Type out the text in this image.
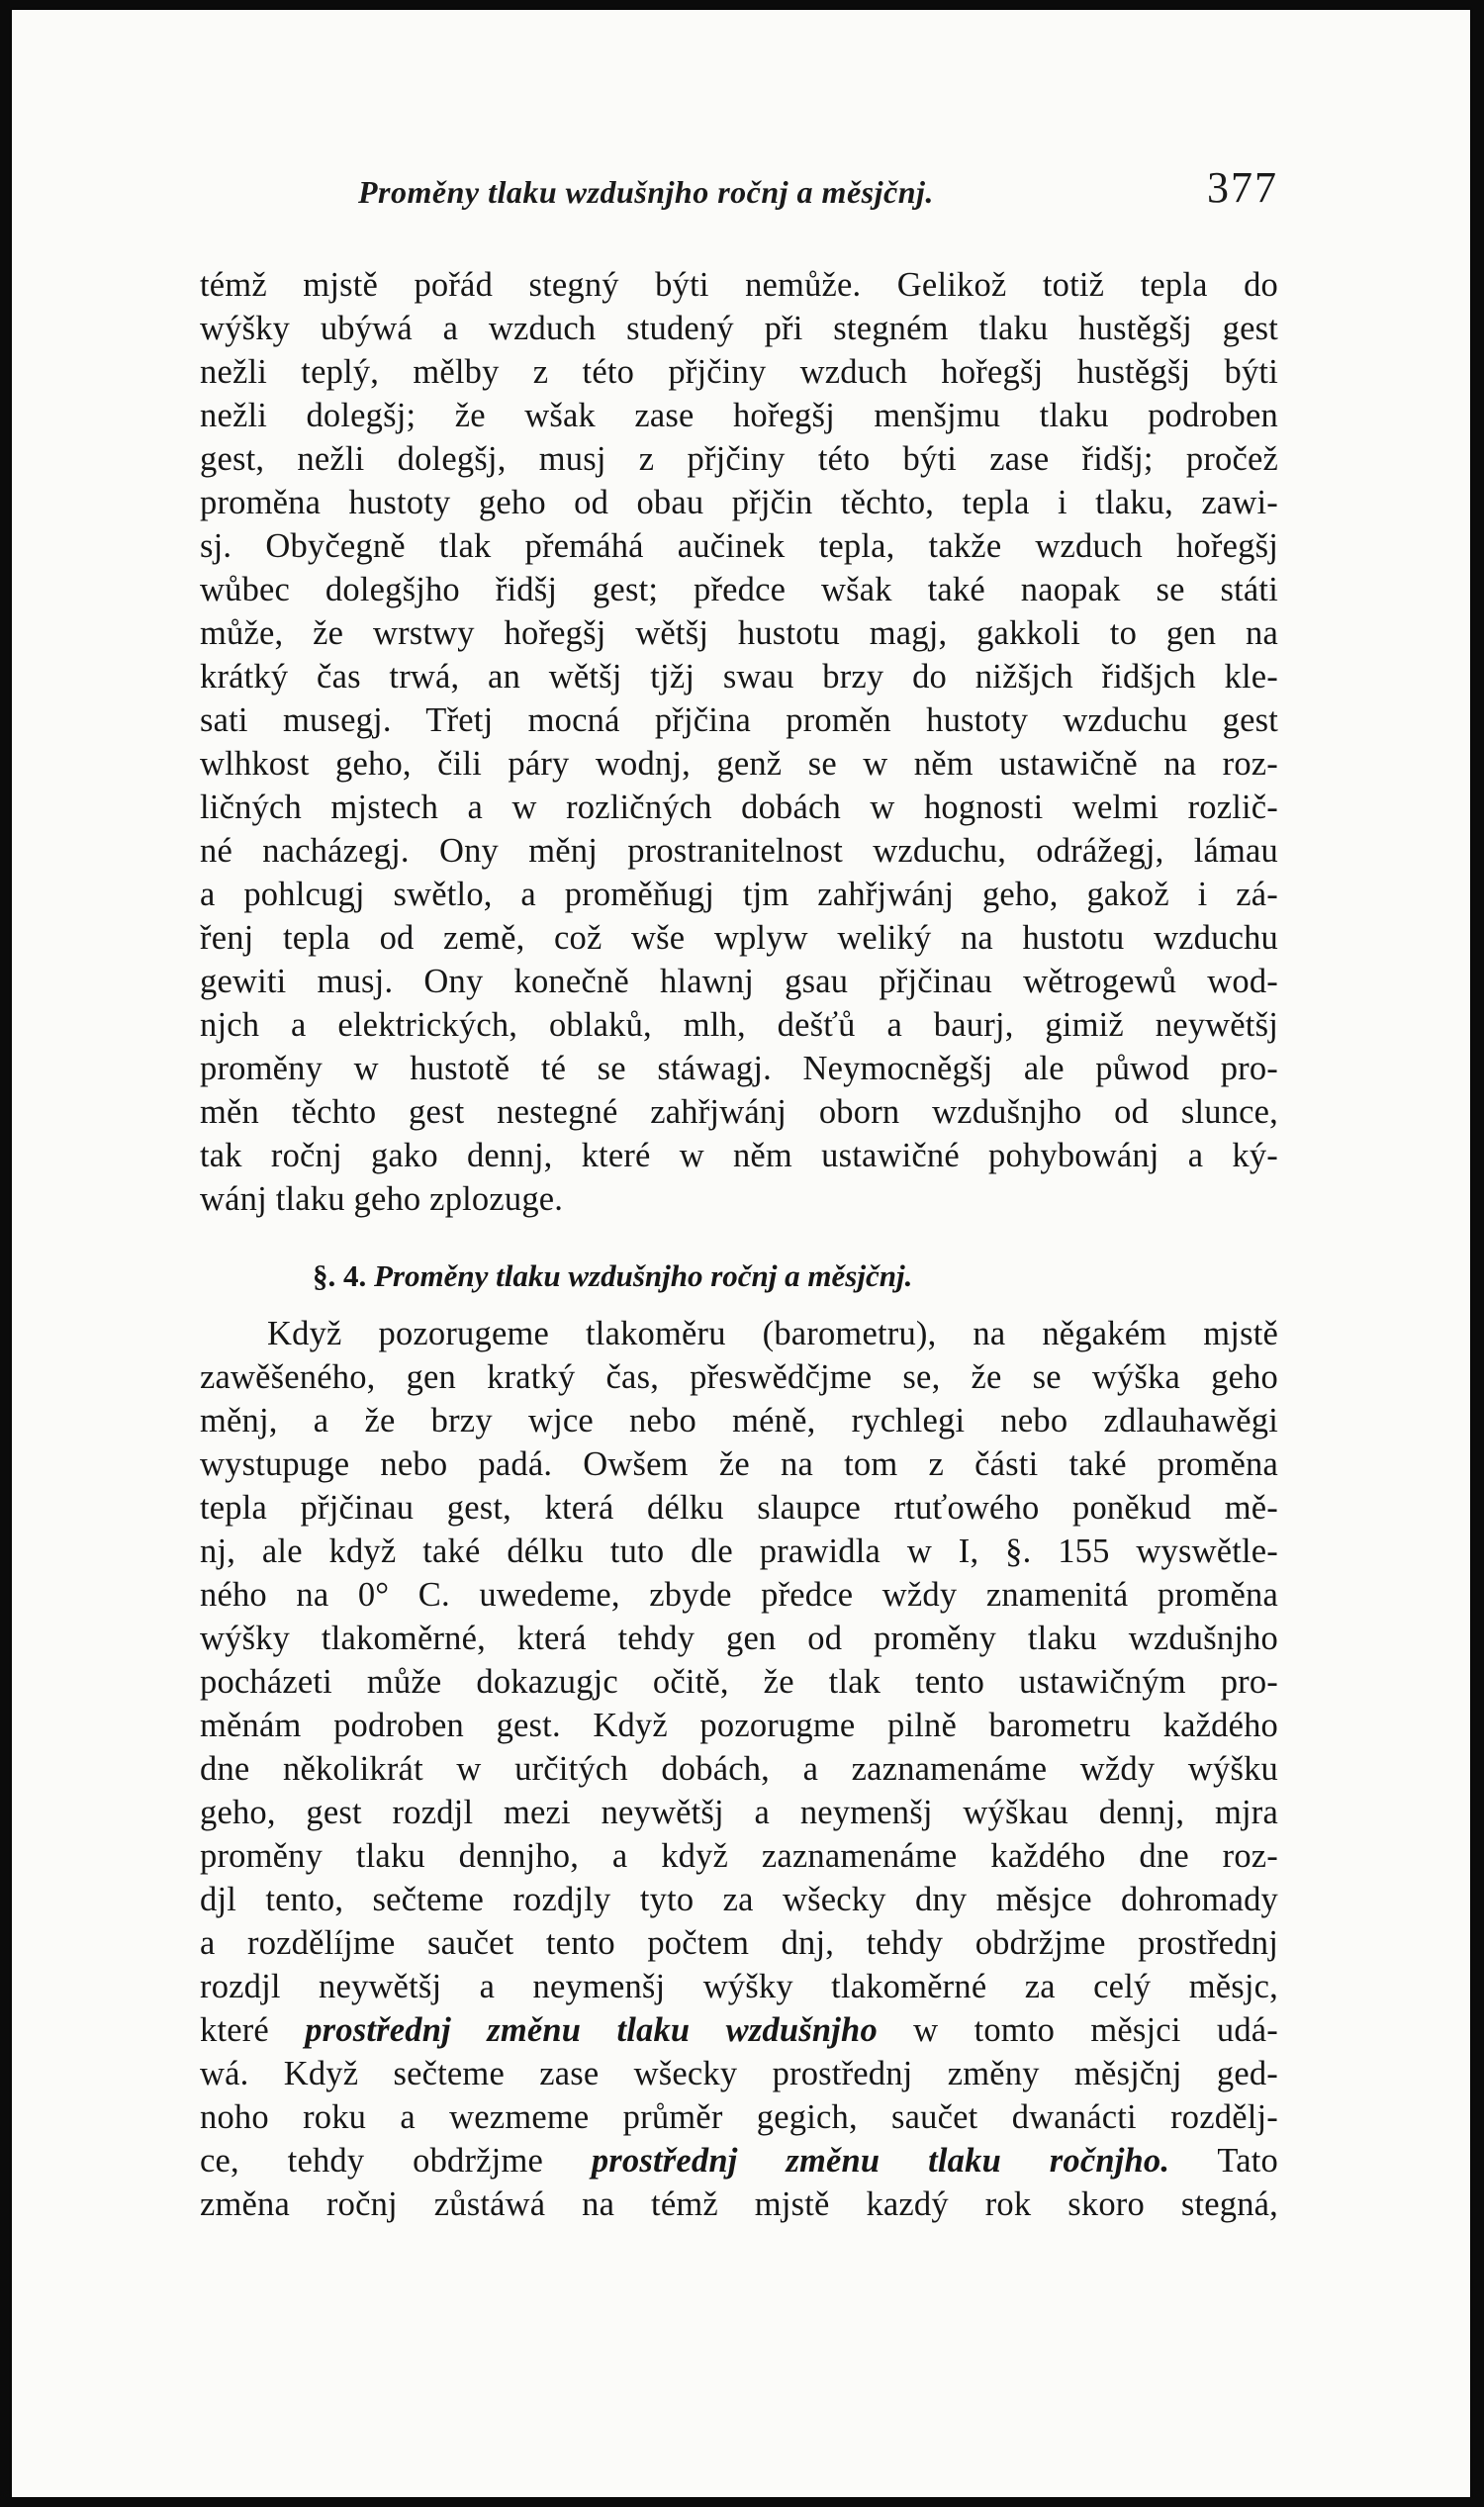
Proměny tlaku wzdušnjho ročnj a měsjčnj.	377
témž mjstě pořád stegný býti nemůže. Gelikož totiž tepla do
wýšky ubýwá a wzduch studený při stegném tlaku hustěgšj gest
nežli teplý, mělby z této přjčiny wzduch hořegšj hustěgšj býti
nežli dolegšj; že wšak zase hořegšj menšjmu tlaku podroben
gest, nežli dolegšj, musj z přjčiny této býti zase řidšj; pročež
proměna hustoty geho od obau přjčin těchto, tepla i tlaku, zawi-
sj. Obyčegně tlak přemáhá aučinek tepla, takže wzduch hořegšj
wůbec dolegšjho řidšj gest; předce wšak také naopak se státi
může, že wrstwy hořegšj wětšj hustotu magj, gakkoli to gen na
krátký čas trwá, an wětšj tjžj swau brzy do nižšjch řidšjch kle-
sati musegj. Třetj mocná přjčina proměn hustoty wzduchu gest
wlhkost geho, čili páry wodnj, genž se w něm ustawičně na roz-
ličných mjstech a w rozličných dobách w hognosti welmi rozlič-
né nacházegj. Ony měnj prostranitelnost wzduchu, odrážegj, lámau
a pohlcugj swětlo, a proměňugj tjm zahřjwánj geho, gakož i zá-
řenj tepla od země, což wše wplyw weliký na hustotu wzduchu
gewiti musj. Ony konečně hlawnj gsau přjčinau wětrogewů wod-
njch a elektrických, oblaků, mlh, dešťů a baurj, gimiž neywětšj
proměny w hustotě té se stáwagj. Neymocněgšj ale půwod pro-
měn těchto gest nestegné zahřjwánj oborn wzdušnjho od slunce,
tak ročnj gako dennj, které w něm ustawičné pohybowánj a ký-
wánj tlaku geho zplozuge.
§. 4. Proměny tlaku wzdušnjho ročnj a měsjčnj.
Když pozorugeme tlakoměru (barometru), na něgakém mjstě
zawěšeného, gen kratký čas, přeswědčjme se, že se wýška geho
měnj, a že brzy wjce nebo méně, rychlegi nebo zdlauhawěgi
wystupuge nebo padá. Owšem že na tom z části také proměna
tepla přjčinau gest, která délku slaupce rtuťowého poněkud mě-
nj, ale když také délku tuto dle prawidla w I, §. 155 wyswětle-
ného na 0° C. uwedeme, zbyde předce wždy znamenitá proměna
wýšky tlakoměrné, která tehdy gen od proměny tlaku wzdušnjho
pocházeti může dokazugjc očitě, že tlak tento ustawičným pro-
měnám podroben gest. Když pozorugme pilně barometru každého
dne několikrát w určitých dobách, a zaznamenáme wždy wýšku
geho, gest rozdjl mezi neywětšj a neymenšj wýškau dennj, mjra
proměny tlaku dennjho, a když zaznamenáme každého dne roz-
djl tento, sečteme rozdjly tyto za wšecky dny měsjce dohromady
a rozdělíjme saučet tento počtem dnj, tehdy obdržjme prostřednj
rozdjl neywětšj a neymenšj wýšky tlakoměrné za celý měsjc,
které prostřednj změnu tlaku wzdušnjho w tomto měsjci udá-
wá. Když sečteme zase wšecky prostřednj změny měsjčnj ged-
noho roku a wezmeme průměr gegich, saučet dwanácti rozdělj-
ce, tehdy obdržjme prostřednj změnu tlaku ročnjho. Tato
změna ročnj zůstáwá na témž mjstě kazdý rok skoro stegná,
